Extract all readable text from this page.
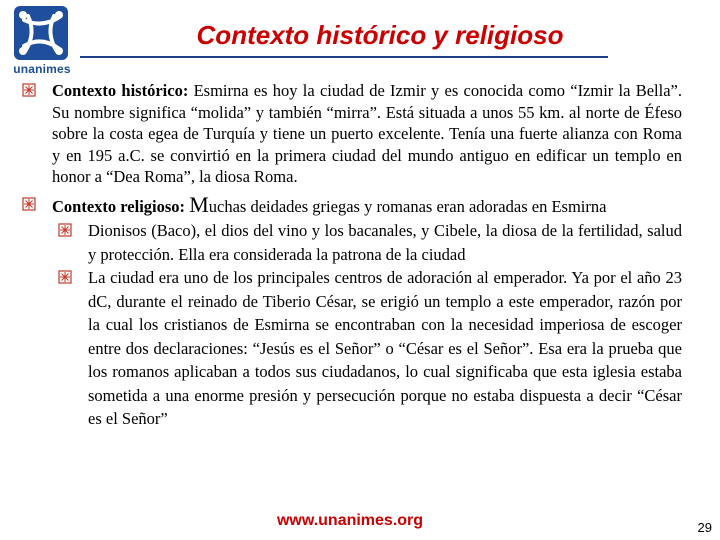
unanimes
Contexto histórico y religioso
Contexto histórico: Esmirna es hoy la ciudad de Izmir y es conocida como “Izmir la Bella”. Su nombre significa “molida” y también “mirra”. Está situada a unos 55 km. al norte de Éfeso sobre la costa egea de Turquía y tiene un puerto excelente. Tenía una fuerte alianza con Roma y en 195 a.C. se convirtió en la primera ciudad del mundo antiguo en edificar un templo en honor a “Dea Roma”, la diosa Roma.
Contexto religioso: Muchas deidades griegas y romanas eran adoradas en Esmirna
Dionisos (Baco), el dios del vino y los bacanales, y Cibele, la diosa de la fertilidad, salud y protección. Ella era considerada la patrona de la ciudad
La ciudad era uno de los principales centros de adoración al emperador. Ya por el año 23 dC, durante el reinado de Tiberio César, se erigió un templo a este emperador, razón por la cual los cristianos de Esmirna se encontraban con la necesidad imperiosa de escoger entre dos declaraciones: “Jesús es el Señor” o “César es el Señor”. Esa era la prueba que los romanos aplicaban a todos sus ciudadanos, lo cual significaba que esta iglesia estaba sometida a una enorme presión y persecución porque no estaba dispuesta a decir “César es el Señor”
www.unanimes.org	29
